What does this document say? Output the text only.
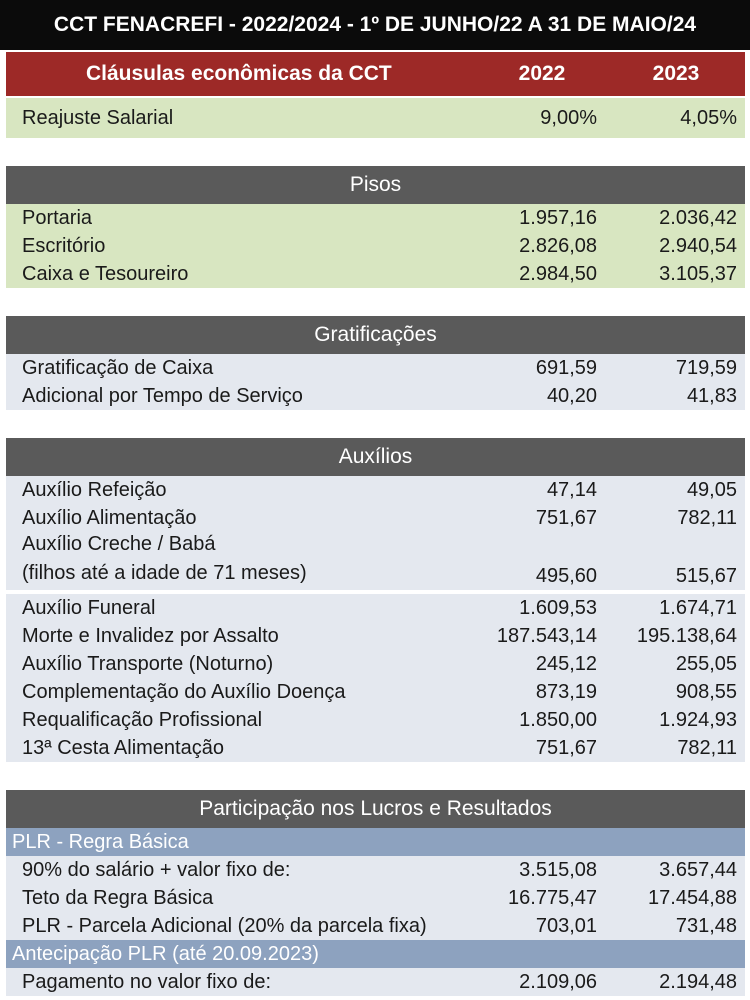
CCT FENACREFI - 2022/2024 - 1º DE JUNHO/22 A 31 DE MAIO/24
Cláusulas econômicas da CCT	2022	2023
Reajuste Salarial	9,00%	4,05%
Pisos
Portaria	1.957,16	2.036,42
Escritório	2.826,08	2.940,54
Caixa e Tesoureiro	2.984,50	3.105,37
Gratificações
Gratificação de Caixa	691,59	719,59
Adicional por Tempo de Serviço	40,20	41,83
Auxílios
Auxílio Refeição	47,14	49,05
Auxílio Alimentação	751,67	782,11
Auxílio Creche / Babá
(filhos até a idade de 71 meses)	495,60	515,67
Auxílio Funeral	1.609,53	1.674,71
Morte e Invalidez por Assalto	187.543,14	195.138,64
Auxílio Transporte (Noturno)	245,12	255,05
Complementação do Auxílio Doença	873,19	908,55
Requalificação Profissional	1.850,00	1.924,93
13ª Cesta Alimentação	751,67	782,11
Participação nos Lucros e Resultados
PLR - Regra Básica
90% do salário + valor fixo de:	3.515,08	3.657,44
Teto da Regra Básica	16.775,47	17.454,88
PLR - Parcela Adicional (20% da parcela fixa)	703,01	731,48
Antecipação PLR (até 20.09.2023)
Pagamento no valor fixo de:	2.109,06	2.194,48
